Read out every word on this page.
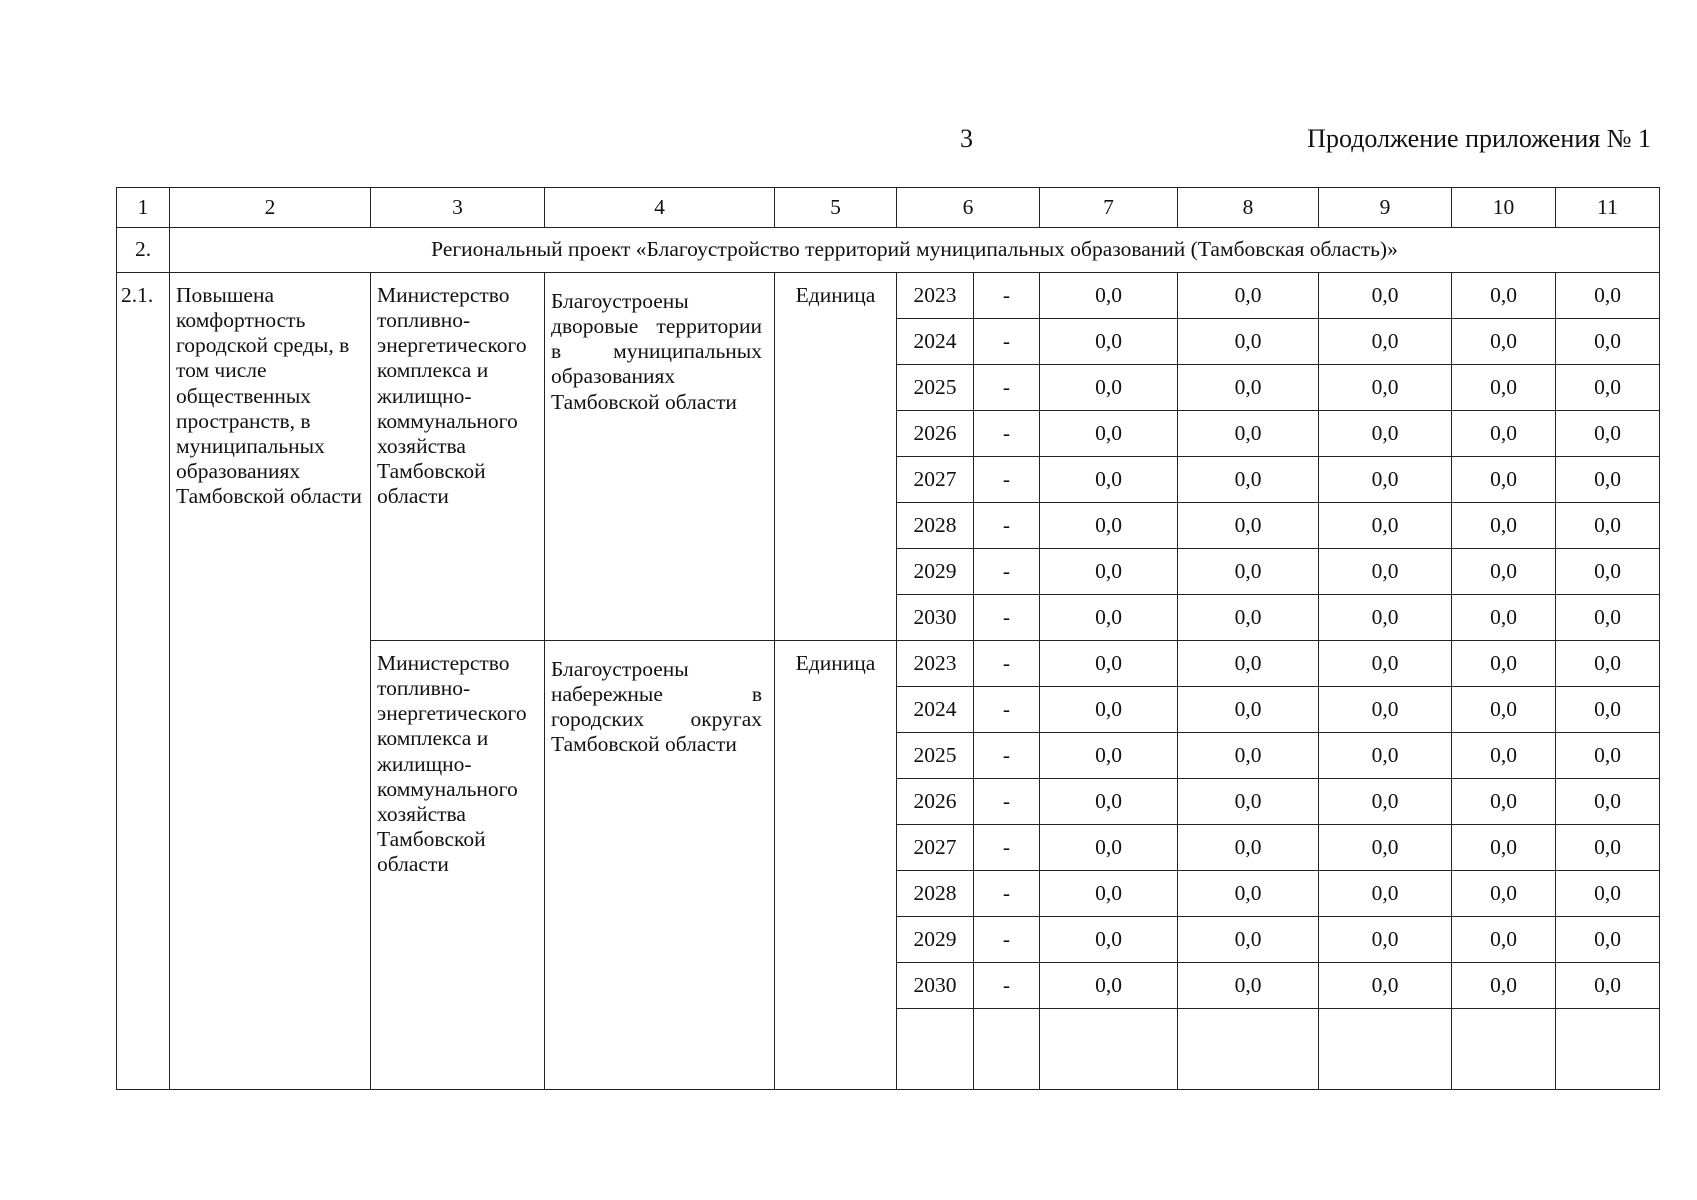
3	Продолжение приложения № 1
1	2	3	4	5	6		7	8	9	10	11
2.	Региональный проект «Благоустройство территорий муниципальных образований (Тамбовская область)»										
2.1.	Повышена комфортность городской среды, в том числе общественных пространств, в муниципальных образованиях Тамбовской области	Министерство топливно-энергетического комплекса и жилищно-коммунального хозяйства Тамбовской области	Благоустроены дворовые территории в муниципальных образованиях Тамбовской области	Единица	2023	-	0,0	0,0	0,0	0,0	0,0
					2024	-	0,0	0,0	0,0	0,0	0,0
					2025	-	0,0	0,0	0,0	0,0	0,0
					2026	-	0,0	0,0	0,0	0,0	0,0
					2027	-	0,0	0,0	0,0	0,0	0,0
					2028	-	0,0	0,0	0,0	0,0	0,0
					2029	-	0,0	0,0	0,0	0,0	0,0
					2030	-	0,0	0,0	0,0	0,0	0,0
		Министерство топливно-энергетического комплекса и жилищно-коммунального хозяйства Тамбовской области	Благоустроены набережные в городских округах Тамбовской области	Единица	2023	-	0,0	0,0	0,0	0,0	0,0
					2024	-	0,0	0,0	0,0	0,0	0,0
					2025	-	0,0	0,0	0,0	0,0	0,0
					2026	-	0,0	0,0	0,0	0,0	0,0
					2027	-	0,0	0,0	0,0	0,0	0,0
					2028	-	0,0	0,0	0,0	0,0	0,0
					2029	-	0,0	0,0	0,0	0,0	0,0
					2030	-	0,0	0,0	0,0	0,0	0,0
